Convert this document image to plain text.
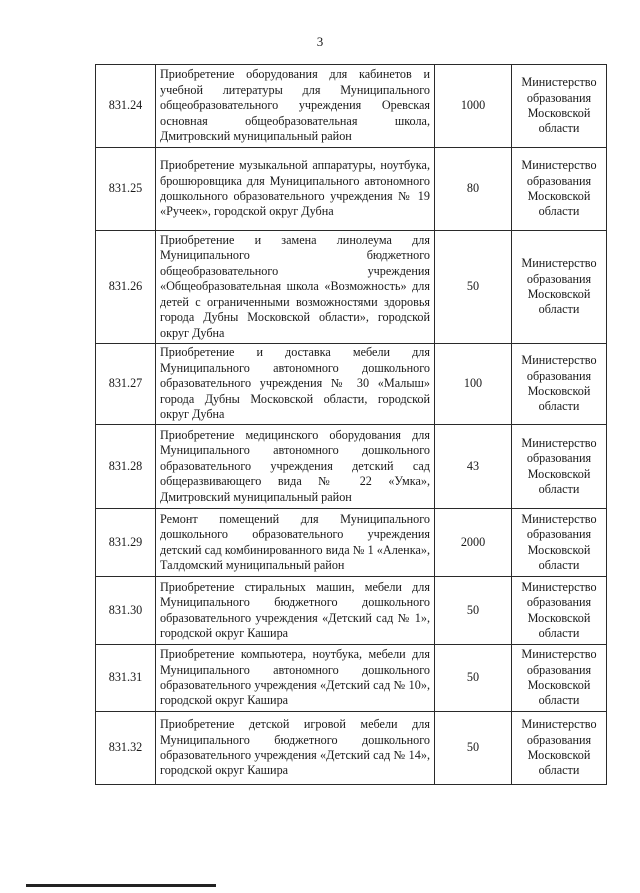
3
831.24	Приобретение оборудования для кабинетов и учебной литературы для Муниципального общеобразовательного учреждения Оревская основная общеобразовательная школа, Дмитровский муниципальный район	1000	Министерство образования Московской области
831.25	Приобретение музыкальной аппаратуры, ноутбука, брошюровщика для Муниципального автономного дошкольного образовательного учреждения № 19 «Ручеек», городской округ Дубна	80	Министерство образования Московской области
831.26	Приобретение и замена линолеума для Муниципального бюджетного общеобразовательного учреждения «Общеобразовательная школа «Возможность» для детей с ограниченными возможностями здоровья города Дубны Московской области», городской округ Дубна	50	Министерство образования Московской области
831.27	Приобретение и доставка мебели для Муниципального автономного дошкольного образовательного учреждения № 30 «Малыш» города Дубны Московской области, городской округ Дубна	100	Министерство образования Московской области
831.28	Приобретение медицинского оборудования для Муниципального автономного дошкольного образовательного учреждения детский сад общеразвивающего вида № 22 «Умка», Дмитровский муниципальный район	43	Министерство образования Московской области
831.29	Ремонт помещений для Муниципального дошкольного образовательного учреждения детский сад комбинированного вида № 1 «Аленка», Талдомский муниципальный район	2000	Министерство образования Московской области
831.30	Приобретение стиральных машин, мебели для Муниципального бюджетного дошкольного образовательного учреждения «Детский сад № 1», городской округ Кашира	50	Министерство образования Московской области
831.31	Приобретение компьютера, ноутбука, мебели для Муниципального автономного дошкольного образовательного учреждения «Детский сад № 10», городской округ Кашира	50	Министерство образования Московской области
831.32	Приобретение детской игровой мебели для Муниципального бюджетного дошкольного образовательного учреждения «Детский сад № 14», городской округ Кашира	50	Министерство образования Московской области
